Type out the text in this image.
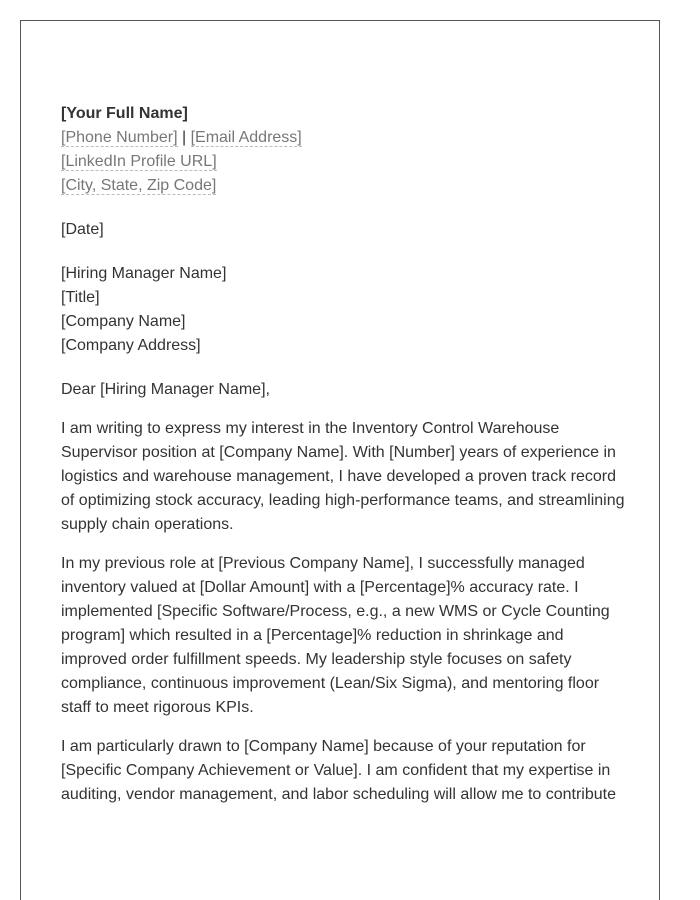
[Your Full Name]

[Phone Number] | [Email Address]

[LinkedIn Profile URL]

[City, State, Zip Code]

[Date]

[Hiring Manager Name]

[Title]

[Company Name]

[Company Address]

Dear [Hiring Manager Name],

I am writing to express my interest in the Inventory Control Warehouse Supervisor position at [Company Name]. With [Number] years of experience in logistics and warehouse management, I have developed a proven track record of optimizing stock accuracy, leading high-performance teams, and streamlining supply chain operations.

In my previous role at [Previous Company Name], I successfully managed inventory valued at [Dollar Amount] with a [Percentage]% accuracy rate. I implemented [Specific Software/Process, e.g., a new WMS or Cycle Counting program] which resulted in a [Percentage]% reduction in shrinkage and improved order fulfillment speeds. My leadership style focuses on safety compliance, continuous improvement (Lean/Six Sigma), and mentoring floor staff to meet rigorous KPIs.

I am particularly drawn to [Company Name] because of your reputation for [Specific Company Achievement or Value]. I am confident that my expertise in auditing, vendor management, and labor scheduling will allow me to contribute
